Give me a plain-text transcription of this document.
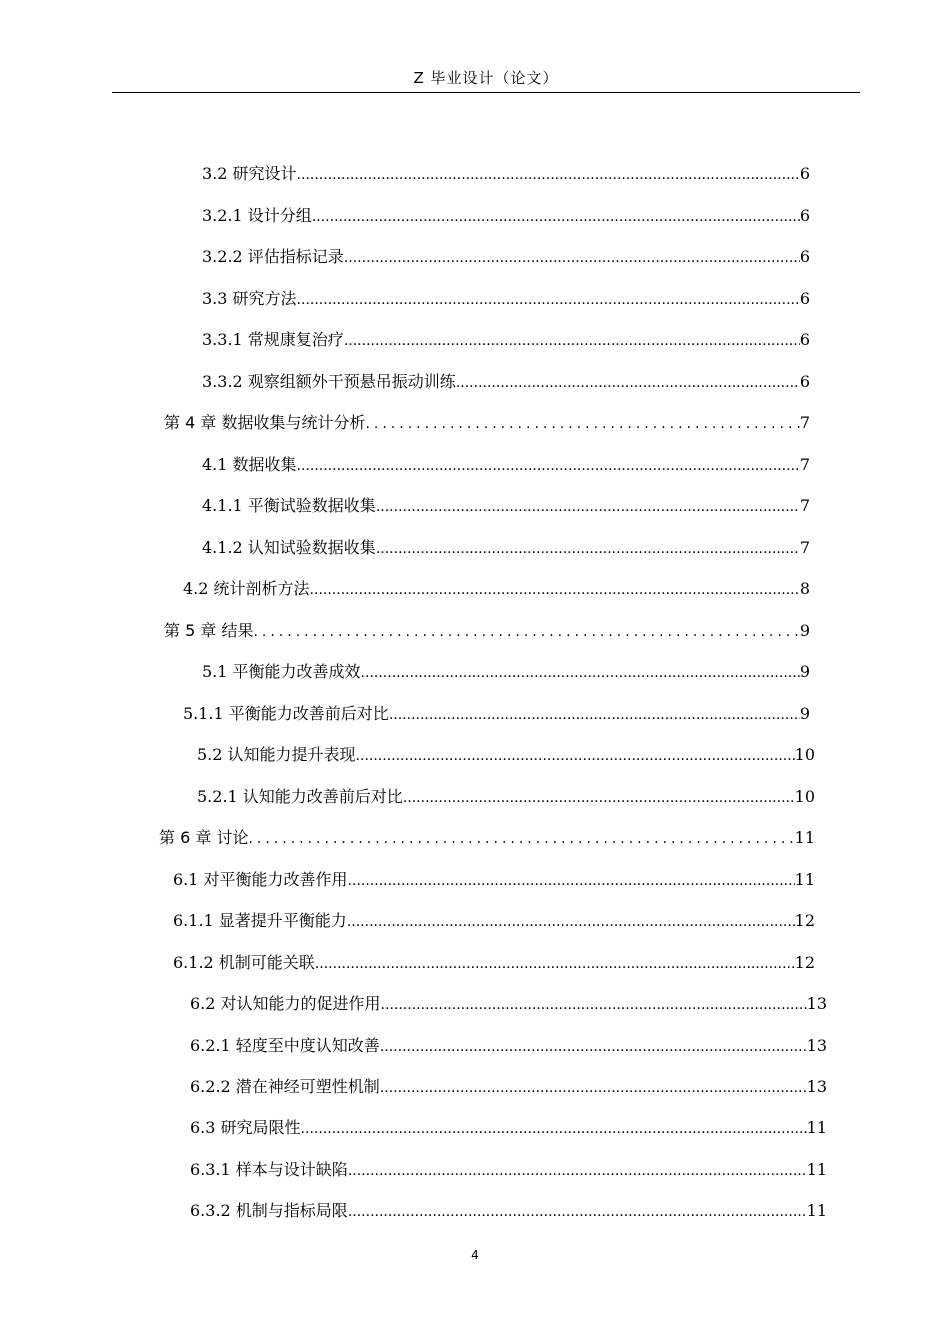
Z 毕业设计（论文）
3.2 研究设计 .....	6
3.2.1 设计分组 .....	6
3.2.2 评估指标记录 .....	6
3.3 研究方法 .....	6
3.3.1 常规康复治疗 .....	6
3.3.2 观察组额外干预悬吊振动训练 .....	6
第 4 章 数据收集与统计分析 .....	7
4.1 数据收集 .....	7
4.1.1 平衡试验数据收集 .....	7
4.1.2 认知试验数据收集 .....	7
4.2 统计剖析方法 .....	8
第 5 章 结果 .....	9
5.1 平衡能力改善成效 .....	9
5.1.1 平衡能力改善前后对比 .....	9
5.2 认知能力提升表现 .....	10
5.2.1 认知能力改善前后对比 .....	10
第 6 章 讨论 .....	11
6.1 对平衡能力改善作用 .....	11
6.1.1 显著提升平衡能力 .....	12
6.1.2 机制可能关联 .....	12
6.2 对认知能力的促进作用 .....	13
6.2.1 轻度至中度认知改善 .....	13
6.2.2 潜在神经可塑性机制 .....	13
6.3 研究局限性 .....	11
6.3.1 样本与设计缺陷 .....	11
6.3.2 机制与指标局限 .....	11
4
